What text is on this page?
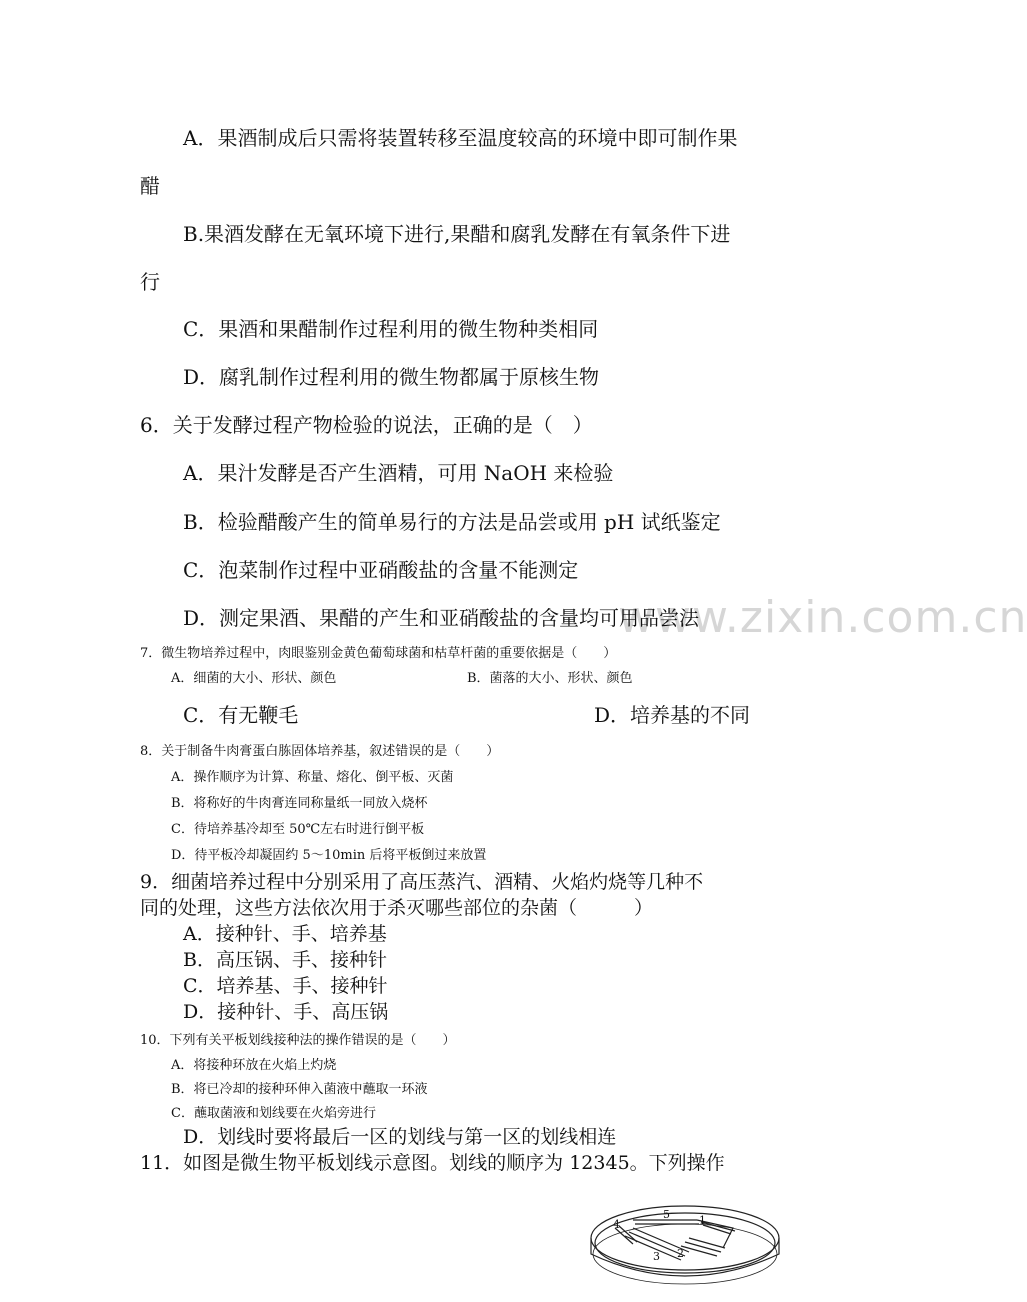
www.zixin.com.cn
A．果酒制成后只需将装置转移至温度较高的环境中即可制作果
醋
B.果酒发酵在无氧环境下进行,果醋和腐乳发酵在有氧条件下进
行
C．果酒和果醋制作过程利用的微生物种类相同
D．腐乳制作过程利用的微生物都属于原核生物
6．关于发酵过程产物检验的说法，正确的是（　）
A．果汁发酵是否产生酒精，可用 NaOH 来检验
B．检验醋酸产生的简单易行的方法是品尝或用 pH 试纸鉴定
C．泡菜制作过程中亚硝酸盐的含量不能测定
D．测定果酒、果醋的产生和亚硝酸盐的含量均可用品尝法
7．微生物培养过程中，肉眼鉴别金黄色葡萄球菌和枯草杆菌的重要依据是（　　）
A．细菌的大小、形状、颜色	B．菌落的大小、形状、颜色
C．有无鞭毛	D．培养基的不同
8．关于制备牛肉膏蛋白胨固体培养基，叙述错误的是（　　）
A．操作顺序为计算、称量、熔化、倒平板、灭菌
B．将称好的牛肉膏连同称量纸一同放入烧杯
C．待培养基冷却至 50℃左右时进行倒平板
D．待平板冷却凝固约 5～10min 后将平板倒过来放置
9．细菌培养过程中分别采用了高压蒸汽、酒精、火焰灼烧等几种不
同的处理，这些方法依次用于杀灭哪些部位的杂菌（　　　）
A．接种针、手、培养基
B．高压锅、手、接种针
C．培养基、手、接种针
D．接种针、手、高压锅
10．下列有关平板划线接种法的操作错误的是（　　）
A．将接种环放在火焰上灼烧
B．将已冷却的接种环伸入菌液中蘸取一环液
C．蘸取菌液和划线要在火焰旁进行
D．划线时要将最后一区的划线与第一区的划线相连
11．如图是微生物平板划线示意图。划线的顺序为 12345。下列操作
1
2
3
4
5
